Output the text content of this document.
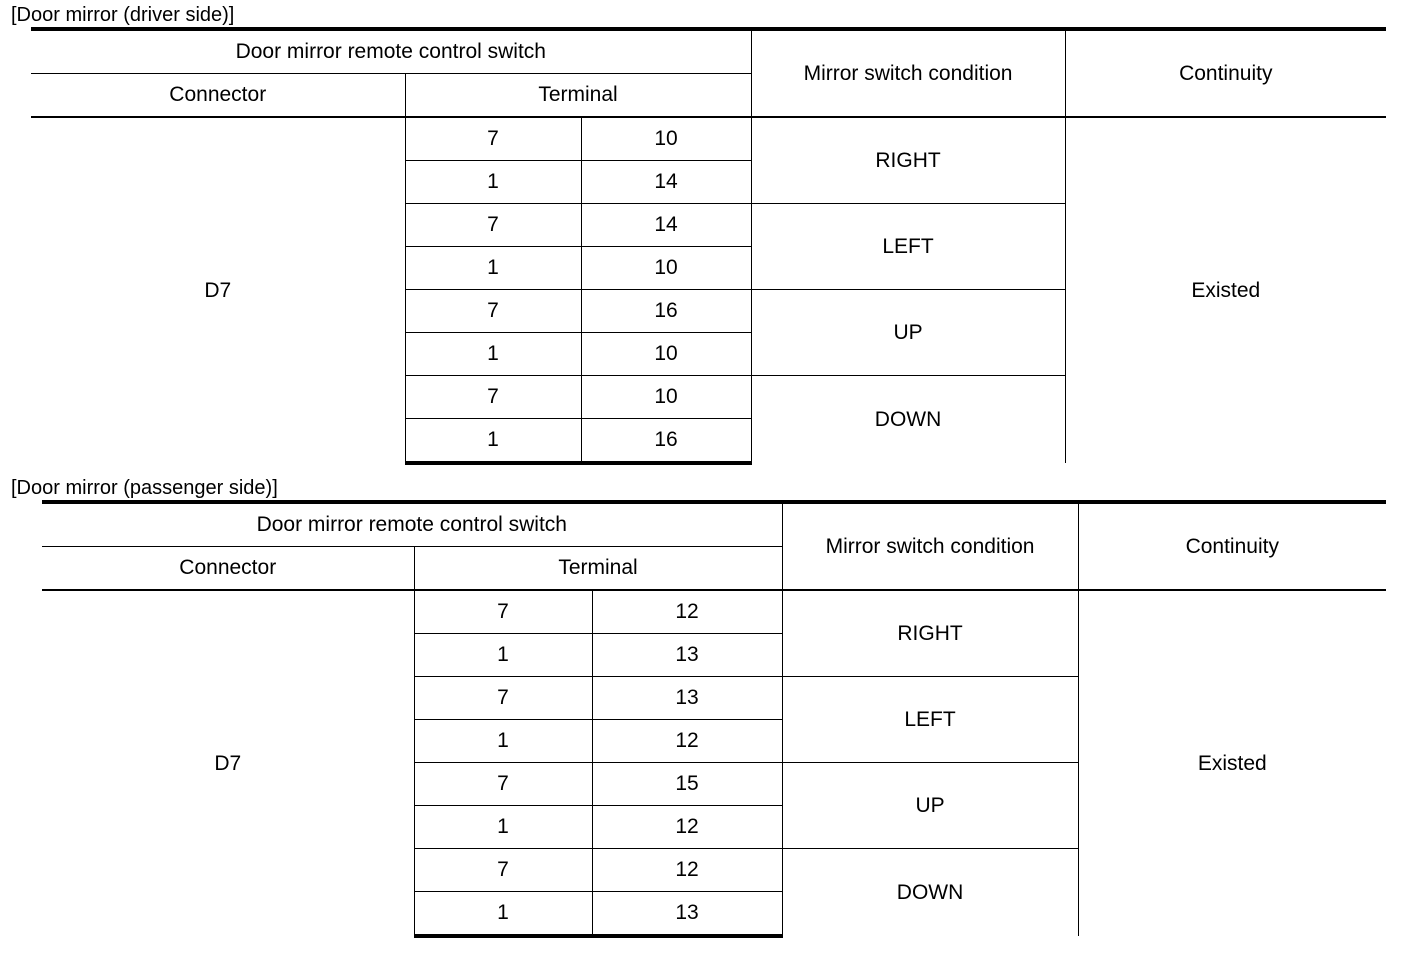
[Door mirror (driver side)]
Door mirror remote control switch			Mirror switch condition	Continuity
Connector	Terminal			
D7	7	10	RIGHT	Existed
	1	14		
	7	14	LEFT	
	1	10		
	7	16	UP	
	1	10		
	7	10	DOWN	
	1	16		
[Door mirror (passenger side)]
Door mirror remote control switch			Mirror switch condition	Continuity
Connector	Terminal			
D7	7	12	RIGHT	Existed
	1	13		
	7	13	LEFT	
	1	12		
	7	15	UP	
	1	12		
	7	12	DOWN	
	1	13		
